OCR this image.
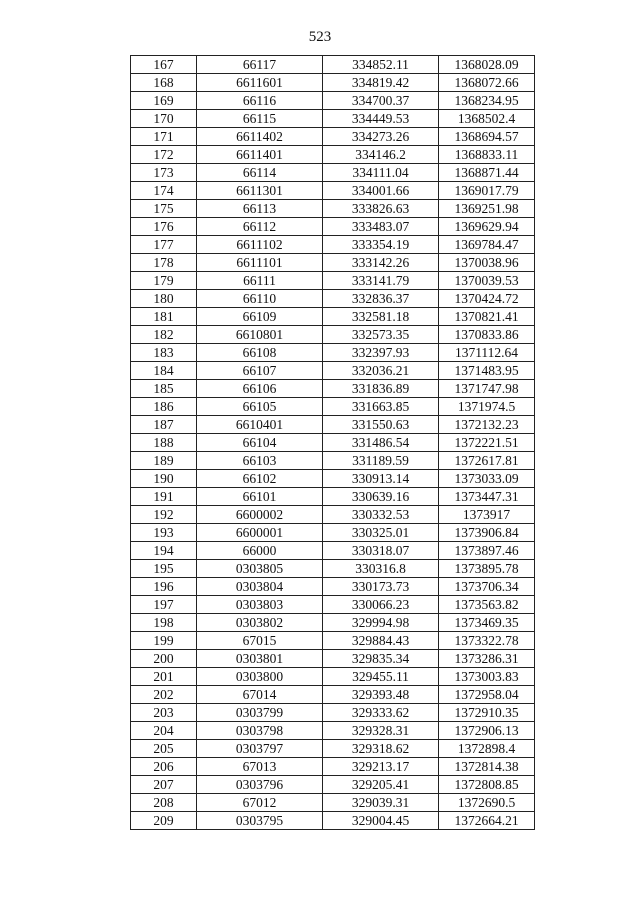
523
167	66117	334852.11	1368028.09
168	6611601	334819.42	1368072.66
169	66116	334700.37	1368234.95
170	66115	334449.53	1368502.4
171	6611402	334273.26	1368694.57
172	6611401	334146.2	1368833.11
173	66114	334111.04	1368871.44
174	6611301	334001.66	1369017.79
175	66113	333826.63	1369251.98
176	66112	333483.07	1369629.94
177	6611102	333354.19	1369784.47
178	6611101	333142.26	1370038.96
179	66111	333141.79	1370039.53
180	66110	332836.37	1370424.72
181	66109	332581.18	1370821.41
182	6610801	332573.35	1370833.86
183	66108	332397.93	1371112.64
184	66107	332036.21	1371483.95
185	66106	331836.89	1371747.98
186	66105	331663.85	1371974.5
187	6610401	331550.63	1372132.23
188	66104	331486.54	1372221.51
189	66103	331189.59	1372617.81
190	66102	330913.14	1373033.09
191	66101	330639.16	1373447.31
192	6600002	330332.53	1373917
193	6600001	330325.01	1373906.84
194	66000	330318.07	1373897.46
195	0303805	330316.8	1373895.78
196	0303804	330173.73	1373706.34
197	0303803	330066.23	1373563.82
198	0303802	329994.98	1373469.35
199	67015	329884.43	1373322.78
200	0303801	329835.34	1373286.31
201	0303800	329455.11	1373003.83
202	67014	329393.48	1372958.04
203	0303799	329333.62	1372910.35
204	0303798	329328.31	1372906.13
205	0303797	329318.62	1372898.4
206	67013	329213.17	1372814.38
207	0303796	329205.41	1372808.85
208	67012	329039.31	1372690.5
209	0303795	329004.45	1372664.21
